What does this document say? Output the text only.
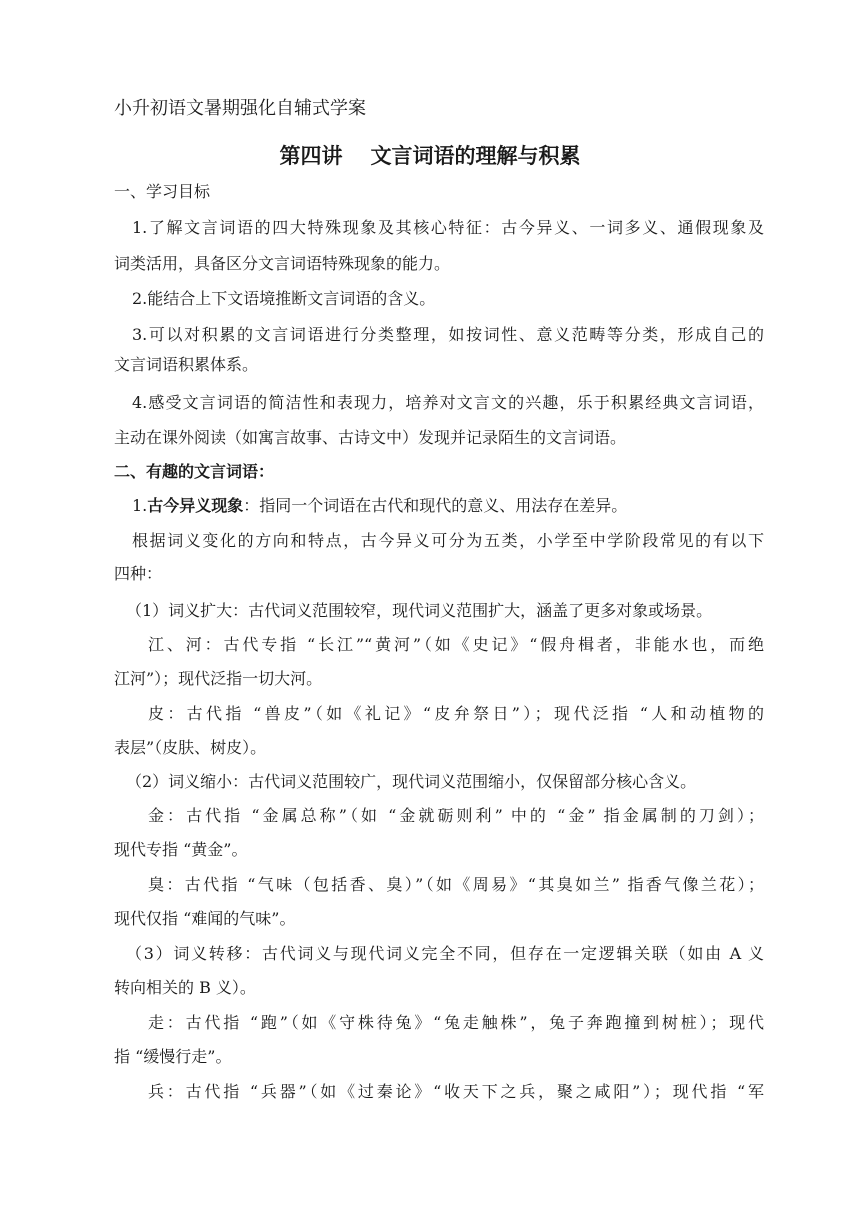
小升初语文暑期强化自辅式学案
第四讲 文言词语的理解与积累
一、学习目标
1.了解文言词语的四大特殊现象及其核心特征：古今异义、一词多义、通假现象及
词类活用，具备区分文言词语特殊现象的能力。
2.能结合上下文语境推断文言词语的含义。
3.可以对积累的文言词语进行分类整理，如按词性、意义范畴等分类，形成自己的
文言词语积累体系。
4.感受文言词语的简洁性和表现力，培养对文言文的兴趣，乐于积累经典文言词语，
主动在课外阅读（如寓言故事、古诗文中）发现并记录陌生的文言词语。
二、有趣的文言词语：
1.古今异义现象：指同一个词语在古代和现代的意义、用法存在差异。
根据词义变化的方向和特点，古今异义可分为五类，小学至中学阶段常见的有以下
四种：
（1）词义扩大：古代词义范围较窄，现代词义范围扩大，涵盖了更多对象或场景。
江、河：古代专指 “长江”“黄河”（如《史记》“假舟楫者，非能水也，而绝
江河”）；现代泛指一切大河。
皮：古代指 “兽皮”（如《礼记》“皮弁祭日”）；现代泛指 “人和动植物的
表层”（皮肤、树皮）。
（2）词义缩小：古代词义范围较广，现代词义范围缩小，仅保留部分核心含义。
金：古代指 “金属总称”（如 “金就砺则利” 中的 “金” 指金属制的刀剑）；
现代专指 “黄金”。
臭：古代指 “气味（包括香、臭）”（如《周易》“其臭如兰” 指香气像兰花）；
现代仅指 “难闻的气味”。
（3）词义转移：古代词义与现代词义完全不同，但存在一定逻辑关联（如由 A 义
转向相关的 B 义）。
走：古代指 “跑”（如《守株待兔》“兔走触株”，兔子奔跑撞到树桩）；现代
指 “缓慢行走”。
兵：古代指 “兵器”（如《过秦论》“收天下之兵，聚之咸阳”）；现代指 “军
